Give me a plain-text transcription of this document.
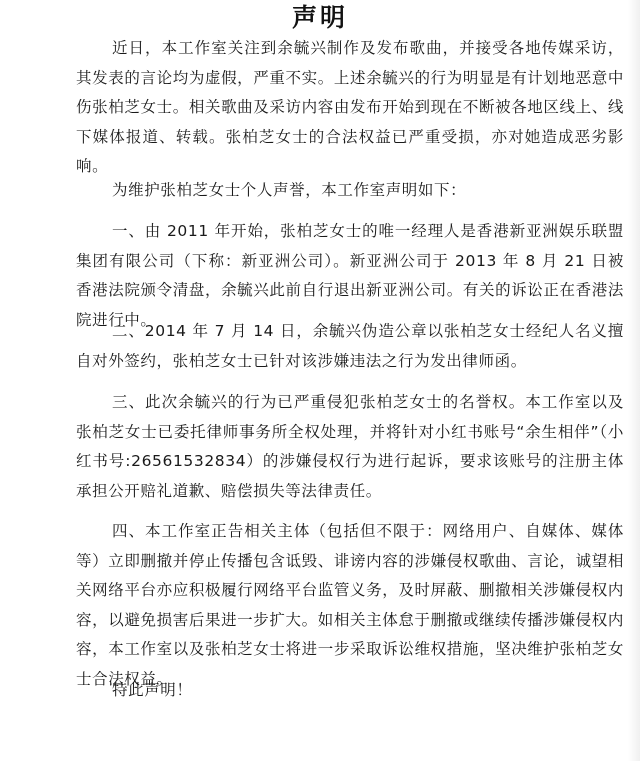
声明

近日，本工作室关注到余毓兴制作及发布歌曲，并接受各地传媒采访，其发表的言论均为虚假，严重不实。上述余毓兴的行为明显是有计划地恶意中伤张柏芝女士。相关歌曲及采访内容由发布开始到现在不断被各地区线上、线下媒体报道、转载。张柏芝女士的合法权益已严重受损，亦对她造成恶劣影响。

为维护张柏芝女士个人声誉，本工作室声明如下：

一、由 2011 年开始，张柏芝女士的唯一经理人是香港新亚洲娱乐联盟集团有限公司（下称：新亚洲公司）。新亚洲公司于 2013 年 8 月 21 日被香港法院颁令清盘，余毓兴此前自行退出新亚洲公司。有关的诉讼正在香港法院进行中。

二、2014 年 7 月 14 日，余毓兴伪造公章以张柏芝女士经纪人名义擅自对外签约，张柏芝女士已针对该涉嫌违法之行为发出律师函。

三、此次余毓兴的行为已严重侵犯张柏芝女士的名誉权。本工作室以及张柏芝女士已委托律师事务所全权处理，并将针对小红书账号“余生相伴”（小红书号:2656153283​4）的涉嫌侵权行为进行起诉，要求该账号的注册主体承担公开赔礼道歉、赔偿损失等法律责任。

四、本工作室正告相关主体（包括但不限于：网络用户、自媒体、媒体等）立即删撤并停止传播包含诋毁、诽谤内容的涉嫌侵权歌曲、言论，诚望相关网络平台亦应积极履行网络平台监管义务，及时屏蔽、删撤相关涉嫌侵权内容，以避免损害后果进一步扩大。如相关主体怠于删撤或继续传播涉嫌侵权内容，本工作室以及张柏芝女士将进一步采取诉讼维权措施，坚决维护张柏芝女士合法权益。

特此声明！
